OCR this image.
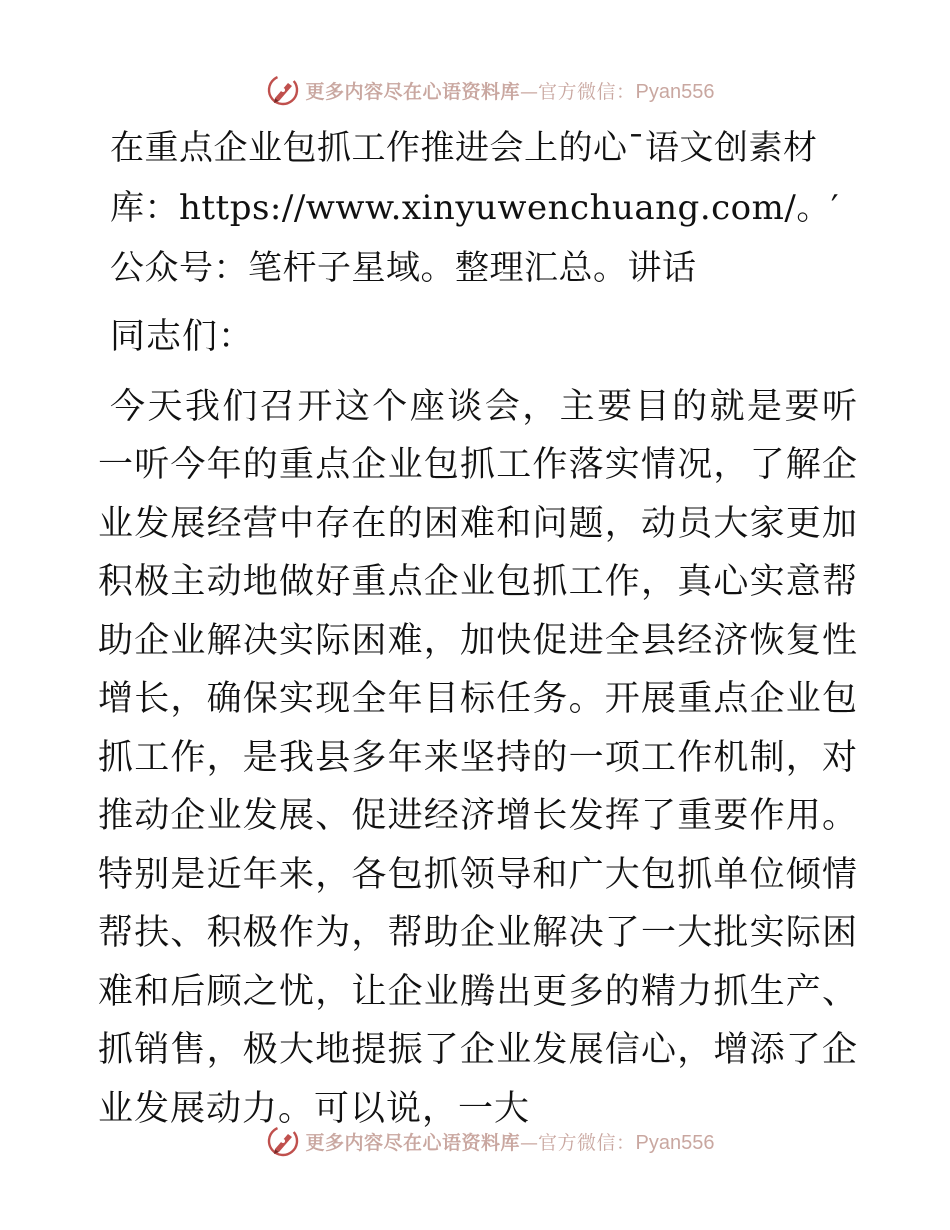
更多内容尽在心语资料库 — 官方微信： Pyan556

在重点企业包抓工作推进会上的心¯语文创素材库：https://www.xinyuwenchuang.com/。′公众号：笔杆子星域。整理汇总。讲话

同志们：

今天我们召开这个座谈会，主要目的就是要听一听今年的重点企业包抓工作落实情况，了解企业发展经营中存在的困难和问题，动员大家更加积极主动地做好重点企业包抓工作，真心实意帮助企业解决实际困难，加快促进全县经济恢复性增长，确保实现全年目标任务。开展重点企业包抓工作，是我县多年来坚持的一项工作机制，对推动企业发展、促进经济增长发挥了重要作用。特别是近年来，各包抓领导和广大包抓单位倾情帮扶、积极作为，帮助企业解决了一大批实际困难和后顾之忧，让企业腾出更多的精力抓生产、抓销售，极大地提振了企业发展信心，增添了企业发展动力。可以说，一大

更多内容尽在心语资料库 — 官方微信： Pyan556
